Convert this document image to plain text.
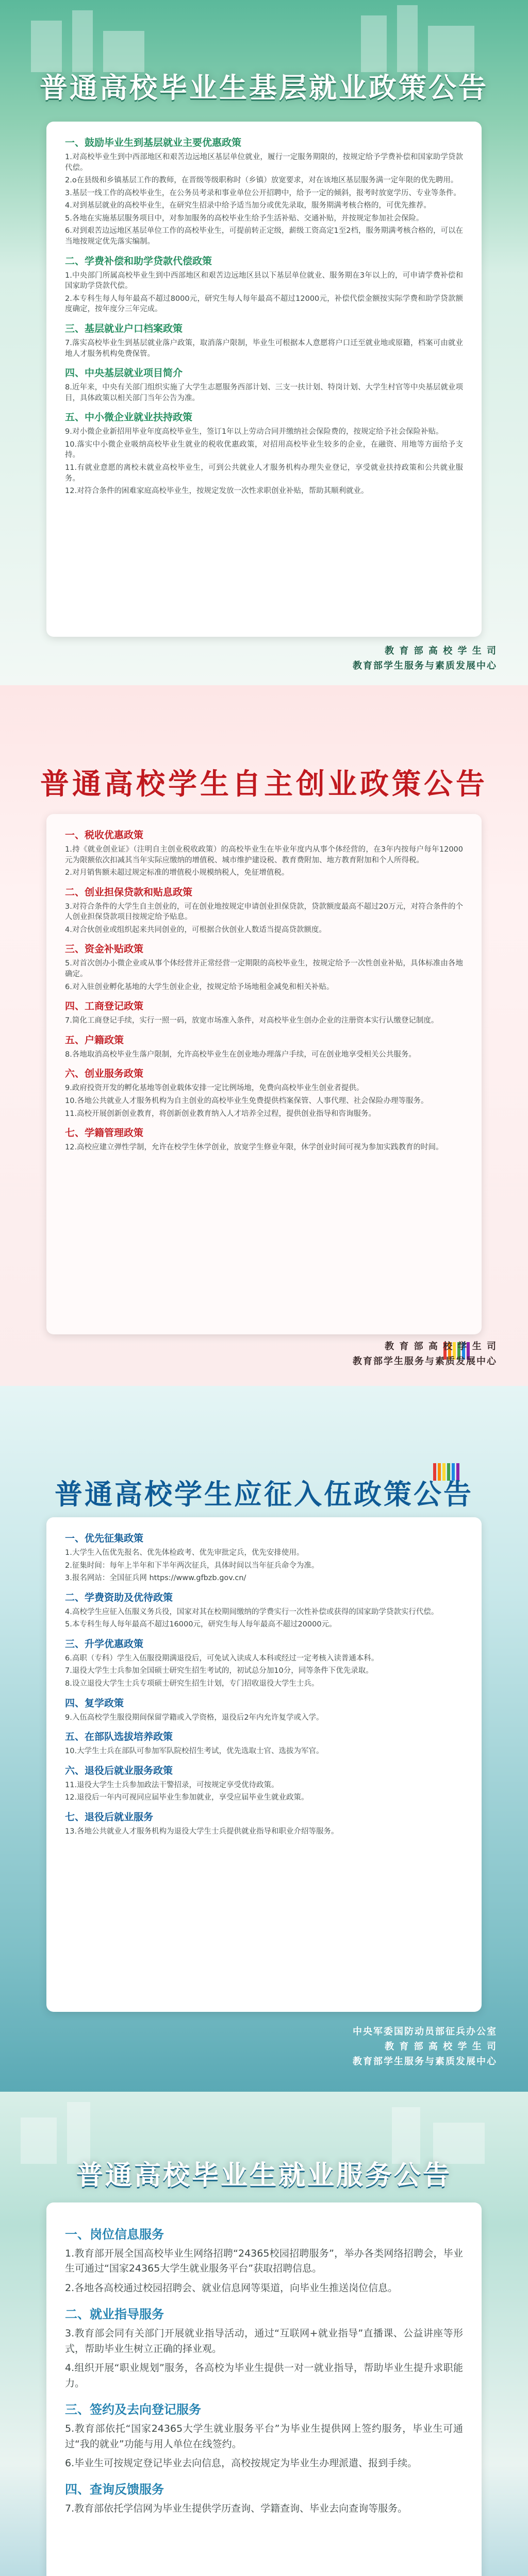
普通高校毕业生基层就业政策公告
一、鼓励毕业生到基层就业主要优惠政策
1.对高校毕业生到中西部地区和艰苦边远地区基层单位就业，履行一定服务期限的，按规定给予学费补偿和国家助学贷款代偿。
2.o在县级和乡镇基层工作的教师，在晋级等级职称时（乡镇）放宽要求，对在该地区基层服务满一定年限的优先聘用。
3.基层一线工作的高校毕业生，在公务员考录和事业单位公开招聘中，给予一定的倾斜，报考时放宽学历、专业等条件。
4.对到基层就业的高校毕业生，在研究生招录中给予适当加分或优先录取，服务期满考核合格的，可优先推荐。
5.各地在实施基层服务项目中，对参加服务的高校毕业生给予生活补贴、交通补贴，并按规定参加社会保险。
6.对到艰苦边远地区基层单位工作的高校毕业生，可提前转正定级，薪级工资高定1至2档，服务期满考核合格的，可以在当地按规定优先落实编制。
二、学费补偿和助学贷款代偿政策
1.中央部门所属高校毕业生到中西部地区和艰苦边远地区县以下基层单位就业、服务期在3年以上的，可申请学费补偿和国家助学贷款代偿。
2.本专科生每人每年最高不超过8000元，研究生每人每年最高不超过12000元，补偿代偿金额按实际学费和助学贷款额度确定，按年度分三年完成。
三、基层就业户口档案政策
7.落实高校毕业生到基层就业落户政策，取消落户限制，毕业生可根据本人意愿将户口迁至就业地或原籍，档案可由就业地人才服务机构免费保管。
四、中央基层就业项目简介
8.近年来，中央有关部门组织实施了大学生志愿服务西部计划、三支一扶计划、特岗计划、大学生村官等中央基层就业项目，具体政策以相关部门当年公告为准。
五、中小微企业就业扶持政策
9.对小微企业新招用毕业年度高校毕业生，签订1年以上劳动合同并缴纳社会保险费的，按规定给予社会保险补贴。
10.落实中小微企业吸纳高校毕业生就业的税收优惠政策，对招用高校毕业生较多的企业，在融资、用地等方面给予支持。
11.有就业意愿的离校未就业高校毕业生，可到公共就业人才服务机构办理失业登记，享受就业扶持政策和公共就业服务。
12.对符合条件的困难家庭高校毕业生，按规定发放一次性求职创业补贴，帮助其顺利就业。
教 育 部 高 校 学 生 司
教育部学生服务与素质发展中心
普通高校学生自主创业政策公告
一、税收优惠政策
1.持《就业创业证》（注明自主创业税收政策）的高校毕业生在毕业年度内从事个体经营的，在3年内按每户每年12000元为限额依次扣减其当年实际应缴纳的增值税、城市维护建设税、教育费附加、地方教育附加和个人所得税。
2.对月销售额未超过规定标准的增值税小规模纳税人，免征增值税。
二、创业担保贷款和贴息政策
3.对符合条件的大学生自主创业的，可在创业地按规定申请创业担保贷款，贷款额度最高不超过20万元，对符合条件的个人创业担保贷款项目按规定给予贴息。
4.对合伙创业或组织起来共同创业的，可根据合伙创业人数适当提高贷款额度。
三、资金补贴政策
5.对首次创办小微企业或从事个体经营并正常经营一定期限的高校毕业生，按规定给予一次性创业补贴，具体标准由各地确定。
6.对入驻创业孵化基地的大学生创业企业，按规定给予场地租金减免和相关补贴。
四、工商登记政策
7.简化工商登记手续，实行一照一码，放宽市场准入条件，对高校毕业生创办企业的注册资本实行认缴登记制度。
五、户籍政策
8.各地取消高校毕业生落户限制，允许高校毕业生在创业地办理落户手续，可在创业地享受相关公共服务。
六、创业服务政策
9.政府投资开发的孵化基地等创业载体安排一定比例场地，免费向高校毕业生创业者提供。
10.各地公共就业人才服务机构为自主创业的高校毕业生免费提供档案保管、人事代理、社会保险办理等服务。
11.高校开展创新创业教育，将创新创业教育纳入人才培养全过程，提供创业指导和咨询服务。
七、学籍管理政策
12.高校应建立弹性学制，允许在校学生休学创业，放宽学生修业年限，休学创业时间可视为参加实践教育的时间。
教 育 部 高 校 学 生 司
教育部学生服务与素质发展中心
普通高校学生应征入伍政策公告
一、优先征集政策
1.大学生入伍优先报名、优先体检政考、优先审批定兵，优先安排使用。
2.征集时间：每年上半年和下半年两次征兵，具体时间以当年征兵命令为准。
3.报名网站：全国征兵网 https://www.gfbzb.gov.cn/
二、学费资助及优待政策
4.高校学生应征入伍服义务兵役，国家对其在校期间缴纳的学费实行一次性补偿或获得的国家助学贷款实行代偿。
5.本专科生每人每年最高不超过16000元，研究生每人每年最高不超过20000元。
三、升学优惠政策
6.高职（专科）学生入伍服役期满退役后，可免试入读成人本科或经过一定考核入读普通本科。
7.退役大学生士兵参加全国硕士研究生招生考试的，初试总分加10分，同等条件下优先录取。
8.设立退役大学生士兵专项硕士研究生招生计划，专门招收退役大学生士兵。
四、复学政策
9.入伍高校学生服役期间保留学籍或入学资格，退役后2年内允许复学或入学。
五、在部队选拔培养政策
10.大学生士兵在部队可参加军队院校招生考试，优先选取士官、选拔为军官。
六、退役后就业服务政策
11.退役大学生士兵参加政法干警招录，可按规定享受优待政策。
12.退役后一年内可视同应届毕业生参加就业，享受应届毕业生就业政策。
七、退役后就业服务
13.各地公共就业人才服务机构为退役大学生士兵提供就业指导和职业介绍等服务。
中央军委国防动员部征兵办公室
教 育 部 高 校 学 生 司
教育部学生服务与素质发展中心
普通高校毕业生就业服务公告
一、岗位信息服务
1.教育部开展全国高校毕业生网络招聘“24365校园招聘服务”，举办各类网络招聘会，毕业生可通过“国家24365大学生就业服务平台”获取招聘信息。
2.各地各高校通过校园招聘会、就业信息网等渠道，向毕业生推送岗位信息。
二、就业指导服务
3.教育部会同有关部门开展就业指导活动，通过“互联网+就业指导”直播课、公益讲座等形式，帮助毕业生树立正确的择业观。
4.组织开展“职业规划”服务，各高校为毕业生提供一对一就业指导，帮助毕业生提升求职能力。
三、签约及去向登记服务
5.教育部依托“国家24365大学生就业服务平台”为毕业生提供网上签约服务，毕业生可通过“我的就业”功能与用人单位在线签约。
6.毕业生可按规定登记毕业去向信息，高校按规定为毕业生办理派遣、报到手续。
四、查询反馈服务
7.教育部依托学信网为毕业生提供学历查询、学籍查询、毕业去向查询等服务。
